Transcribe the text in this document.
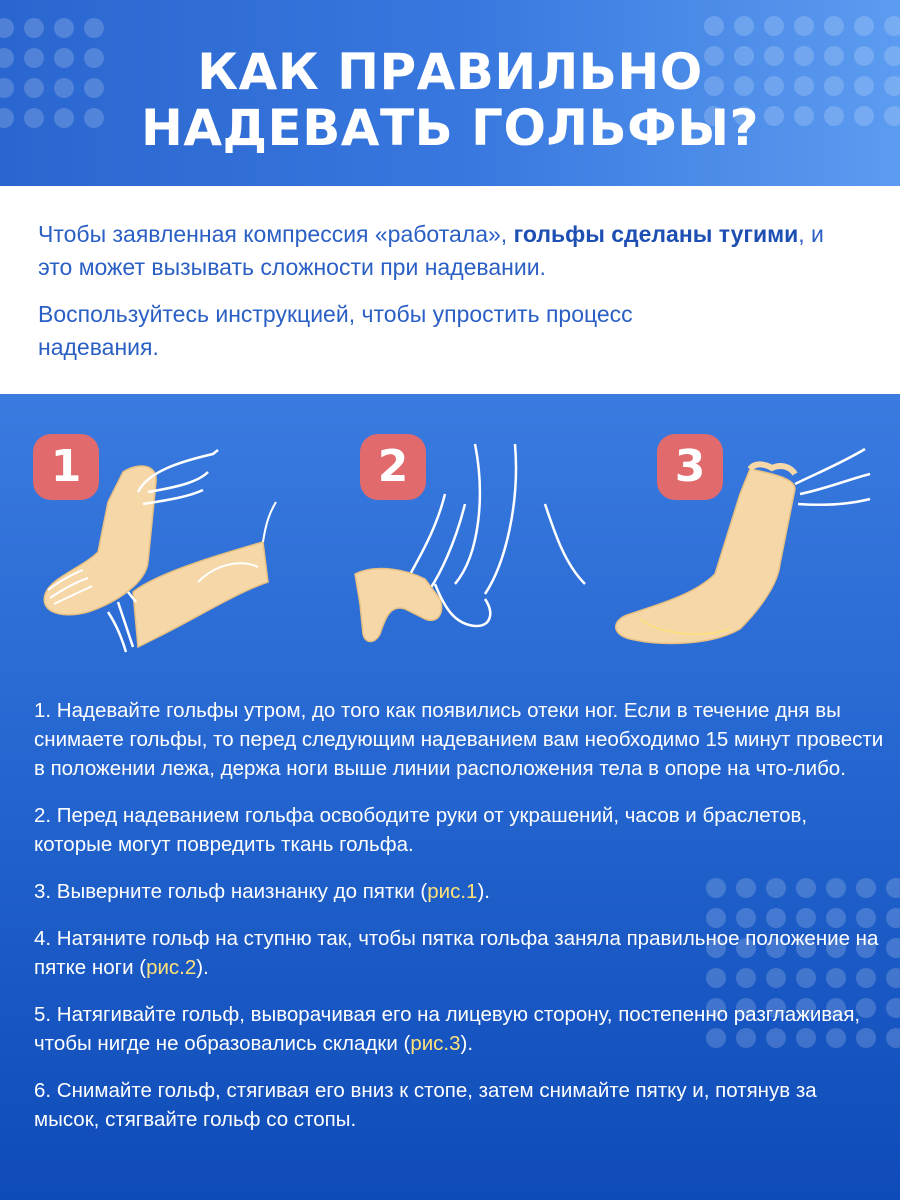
КАК ПРАВИЛЬНО
НАДЕВАТЬ ГОЛЬФЫ?

Чтобы заявленная компрессия «работала», гольфы сделаны тугими, и это может вызывать сложности при надевании.

Воспользуйтесь инструкцией, чтобы упростить процесс надевания.

1	2	3

1. Надевайте гольфы утром, до того как появились отеки ног. Если в течение дня вы снимаете гольфы, то перед следующим надеванием вам необходимо 15 минут провести в положении лежа, держа ноги выше линии расположения тела в опоре на что-либо.

2. Перед надеванием гольфа освободите руки от украшений, часов и браслетов, которые могут повредить ткань гольфа.

3. Выверните гольф наизнанку до пятки (рис.1).

4. Натяните гольф на ступню так, чтобы пятка гольфа заняла правильное положение на пятке ноги (рис.2).

5. Натягивайте гольф, выворачивая его на лицевую сторону, постепенно разглаживая, чтобы нигде не образовались складки (рис.3).

6. Снимайте гольф, стягивая его вниз к стопе, затем снимайте пятку и, потянув за мысок, стягвайте гольф со стопы.
